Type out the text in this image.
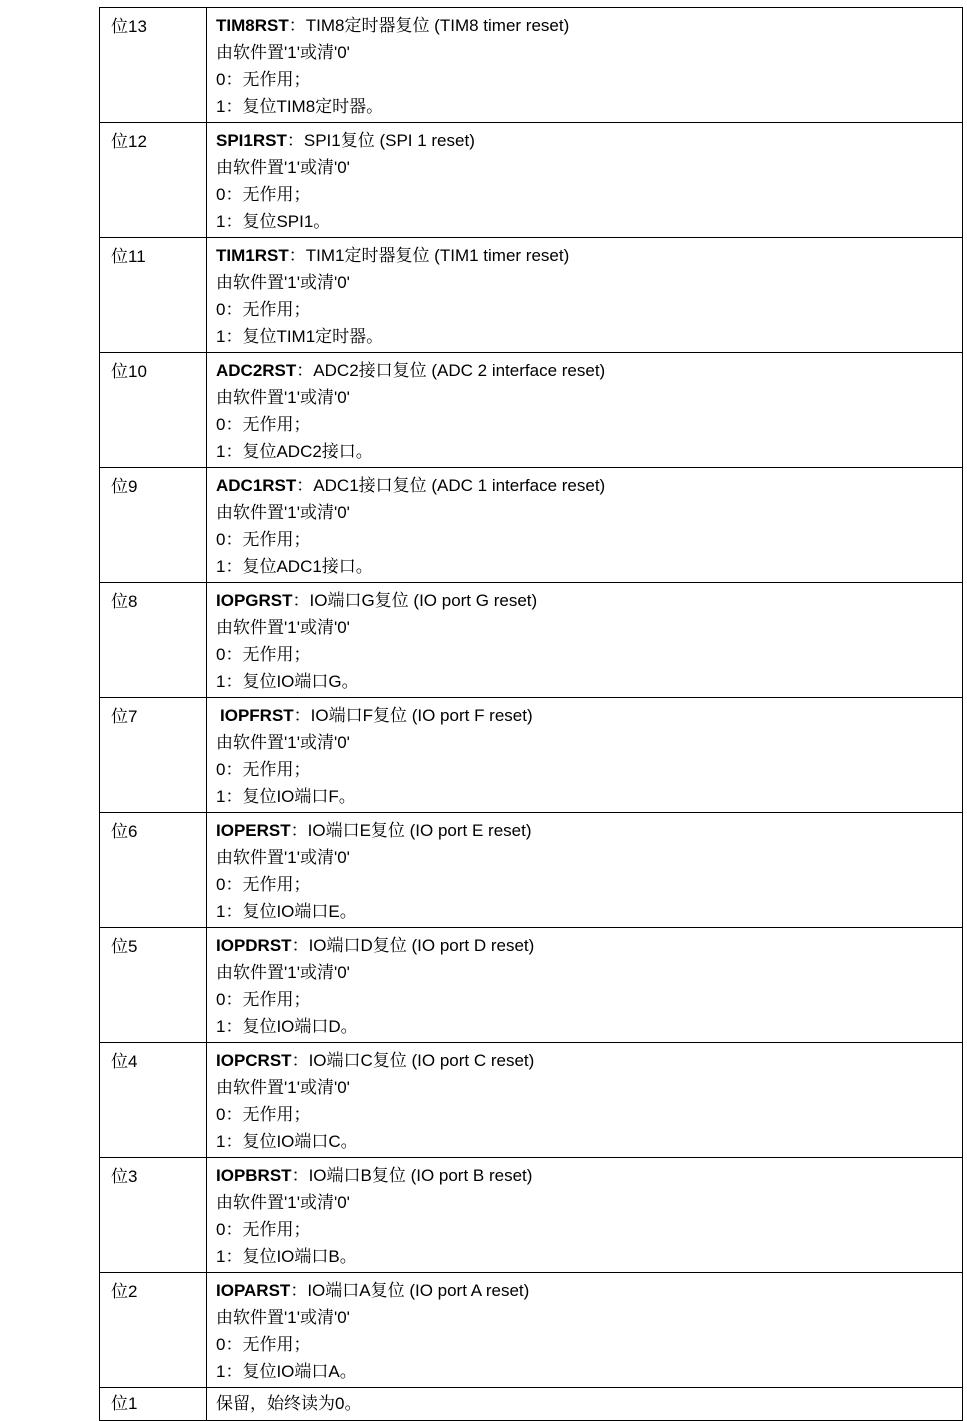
位13	TIM8RST：TIM8定时器复位 (TIM8 timer reset)
由软件置'1'或清'0'
0：无作用；
1：复位TIM8定时器。

位12	SPI1RST：SPI1复位 (SPI 1 reset)
由软件置'1'或清'0'
0：无作用；
1：复位SPI1。

位11	TIM1RST：TIM1定时器复位 (TIM1 timer reset)
由软件置'1'或清'0'
0：无作用；
1：复位TIM1定时器。

位10	ADC2RST：ADC2接口复位 (ADC 2 interface reset)
由软件置'1'或清'0'
0：无作用；
1：复位ADC2接口。

位9	ADC1RST：ADC1接口复位 (ADC 1 interface reset)
由软件置'1'或清'0'
0：无作用；
1：复位ADC1接口。

位8	IOPGRST：IO端口G复位 (IO port G reset)
由软件置'1'或清'0'
0：无作用；
1：复位IO端口G。

位7	IOPFRST：IO端口F复位 (IO port F reset)
由软件置'1'或清'0'
0：无作用；
1：复位IO端口F。

位6	IOPERST：IO端口E复位 (IO port E reset)
由软件置'1'或清'0'
0：无作用；
1：复位IO端口E。

位5	IOPDRST：IO端口D复位 (IO port D reset)
由软件置'1'或清'0'
0：无作用；
1：复位IO端口D。

位4	IOPCRST：IO端口C复位 (IO port C reset)
由软件置'1'或清'0'
0：无作用；
1：复位IO端口C。

位3	IOPBRST：IO端口B复位 (IO port B reset)
由软件置'1'或清'0'
0：无作用；
1：复位IO端口B。

位2	IOPARST：IO端口A复位 (IO port A reset)
由软件置'1'或清'0'
0：无作用；
1：复位IO端口A。

位1	保留，始终读为0。
